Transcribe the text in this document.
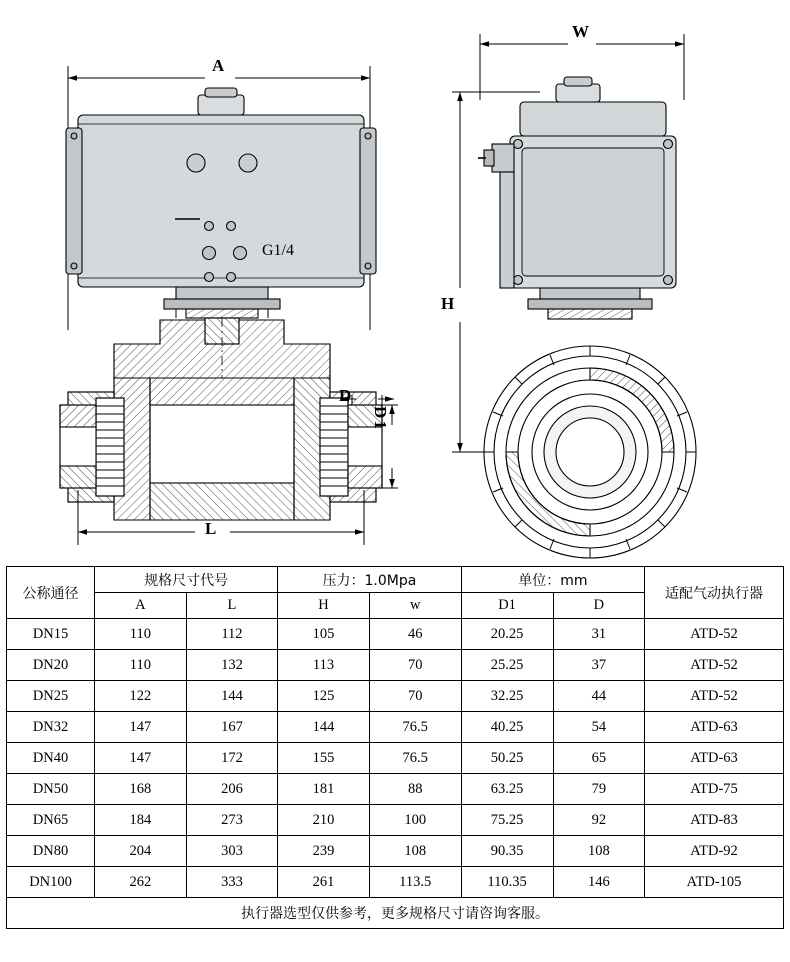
A
L
W
H
D
D 1
G1/4
公称通径	规格尺寸代号		压力：1.0Mpa		单位：mm		适配气动执行器
	A	L	H	w	D1	D	
DN15	110	112	105	46	20.25	31	ATD-52
DN20	110	132	113	70	25.25	37	ATD-52
DN25	122	144	125	70	32.25	44	ATD-52
DN32	147	167	144	76.5	40.25	54	ATD-63
DN40	147	172	155	76.5	50.25	65	ATD-63
DN50	168	206	181	88	63.25	79	ATD-75
DN65	184	273	210	100	75.25	92	ATD-83
DN80	204	303	239	108	90.35	108	ATD-92
DN100	262	333	261	113.5	110.35	146	ATD-105
执行器选型仅供参考，更多规格尺寸请咨询客服。							
